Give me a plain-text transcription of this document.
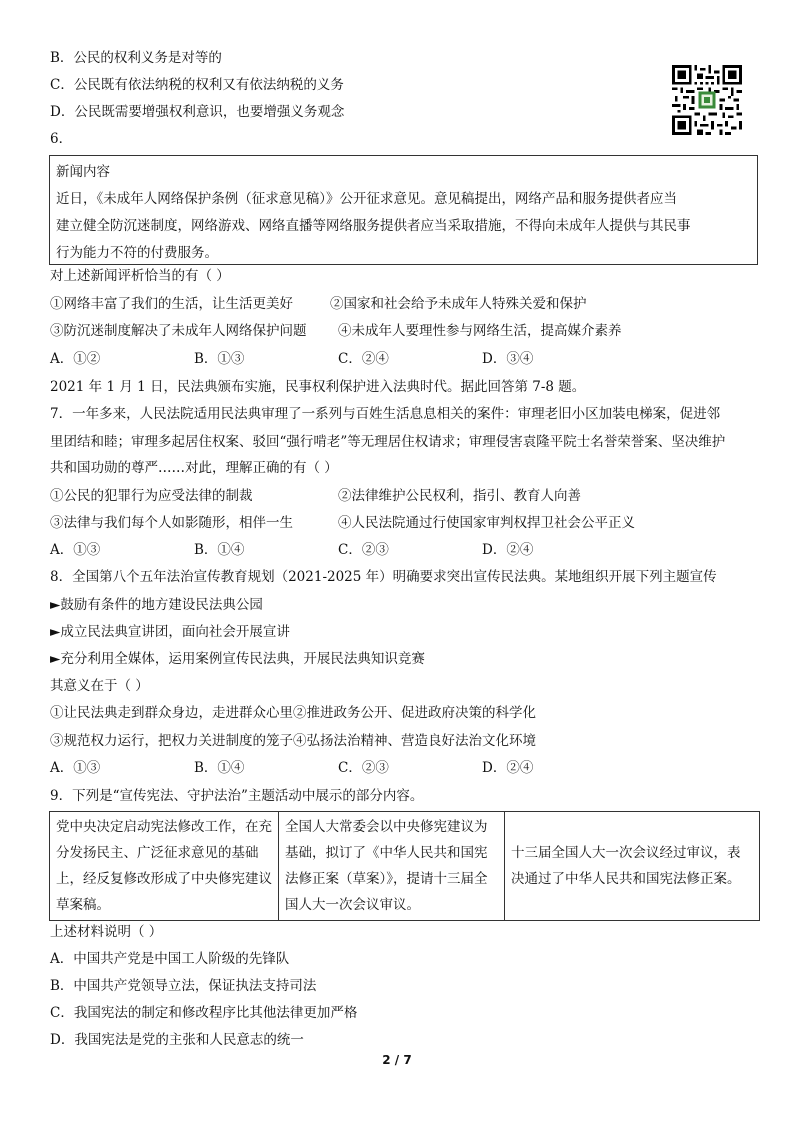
B．公民的权利义务是对等的
C．公民既有依法纳税的权利又有依法纳税的义务
D．公民既需要增强权利意识，也要增强义务观念
6．
新闻内容
近日，《未成年人网络保护条例（征求意见稿）》公开征求意见。意见稿提出，网络产品和服务提供者应当
建立健全防沉迷制度，网络游戏、网络直播等网络服务提供者应当采取措施，不得向未成年人提供与其民事
行为能力不符的付费服务。
对上述新闻评析恰当的有（ ）
①网络丰富了我们的生活，让生活更美好	②国家和社会给予未成年人特殊关爱和保护
③防沉迷制度解决了未成年人网络保护问题 ④未成年人要理性参与网络生活，提高媒介素养
A．①②	B．①③	C．②④	D．③④
2021 年 1 月 1 日，民法典颁布实施，民事权利保护进入法典时代。据此回答第 7-8 题。
7．一年多来，人民法院适用民法典审理了一系列与百姓生活息息相关的案件：审理老旧小区加装电梯案，促进邻
里团结和睦；审理多起居住权案、驳回“强行啃老”等无理居住权请求；审理侵害袁隆平院士名誉荣誉案、坚决维护
共和国功勋的尊严……对此，理解正确的有（ ）
①公民的犯罪行为应受法律的制裁	②法律维护公民权利，指引、教育人向善
③法律与我们每个人如影随形，相伴一生	④人民法院通过行使国家审判权捍卫社会公平正义
A．①③	B．①④	C．②③	D．②④
8．全国第八个五年法治宣传教育规划（2021-2025 年）明确要求突出宣传民法典。某地组织开展下列主题宣传
►鼓励有条件的地方建设民法典公园
►成立民法典宣讲团，面向社会开展宣讲
►充分利用全媒体，运用案例宣传民法典，开展民法典知识竞赛
其意义在于（ ）
①让民法典走到群众身边，走进群众心里②推进政务公开、促进政府决策的科学化
③规范权力运行，把权力关进制度的笼子④弘扬法治精神、营造良好法治文化环境
A．①③	B．①④	C．②③	D．②④
9．下列是“宣传宪法、守护法治”主题活动中展示的部分内容。
党中央决定启动宪法修改工作，在充分发扬民主、广泛征求意见的基础上，经反复修改形成了中央修宪建议草案稿。	全国人大常委会以中央修宪建议为基础，拟订了《中华人民共和国宪法修正案（草案）》，提请十三届全国人大一次会议审议。	十三届全国人大一次会议经过审议，表决通过了中华人民共和国宪法修正案。
上述材料说明（ ）
A．中国共产党是中国工人阶级的先锋队
B．中国共产党领导立法，保证执法支持司法
C．我国宪法的制定和修改程序比其他法律更加严格
D．我国宪法是党的主张和人民意志的统一
2 / 7
